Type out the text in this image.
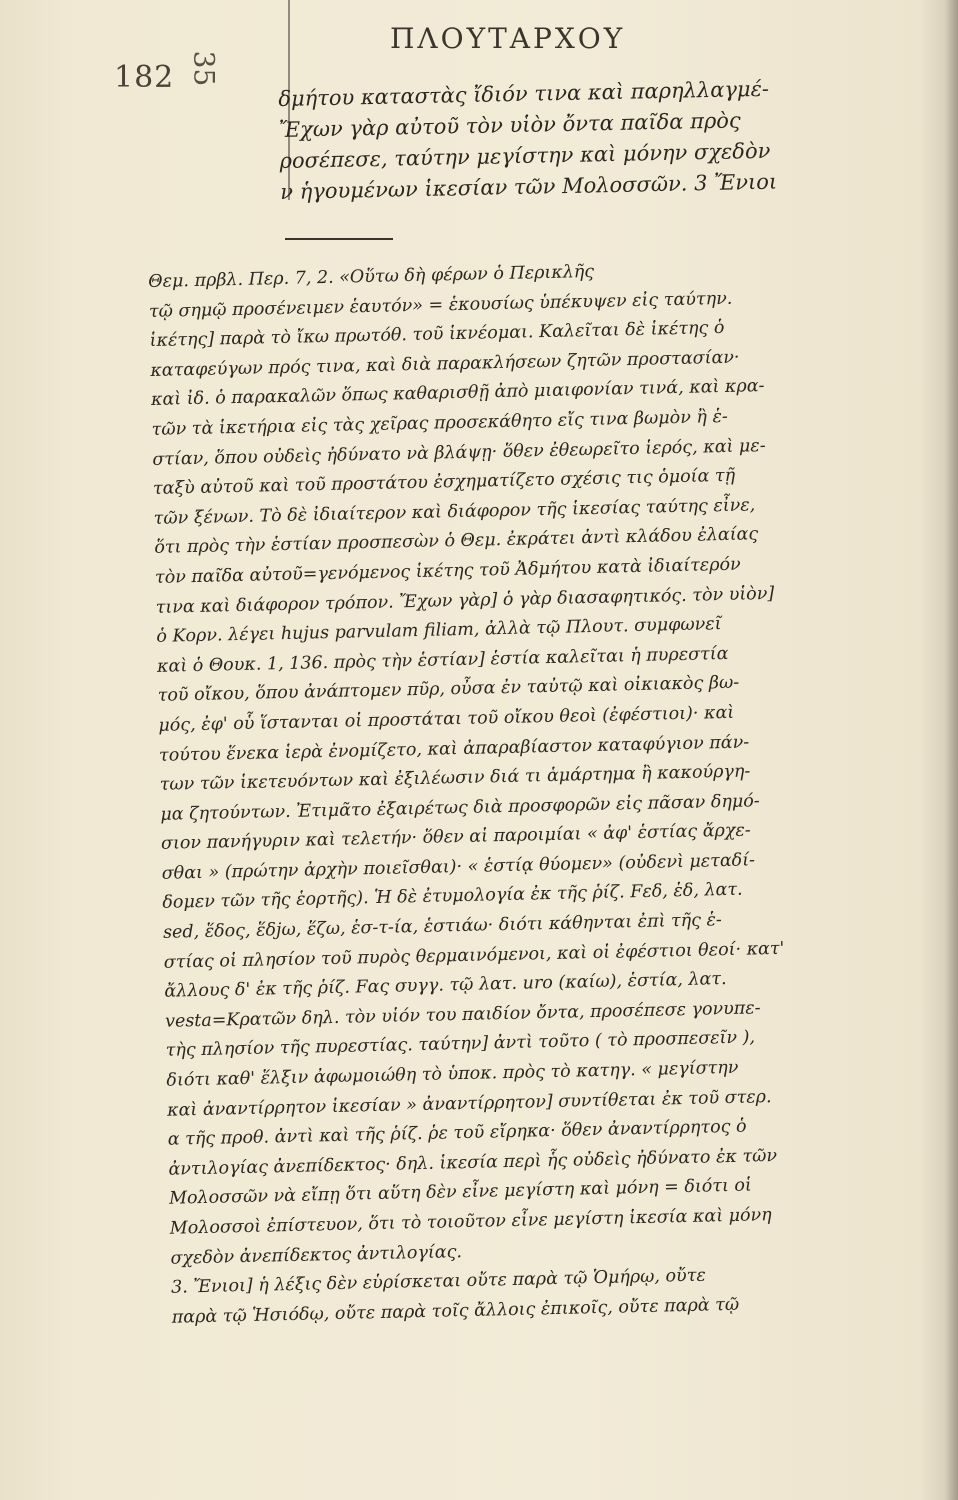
182 35
ΠΛΟΥΤΑΡΧΟΥ
δμήτου καταστὰς ἴδιόν τινα καὶ παρηλλαγμέ-
Ἔχων γὰρ αὐτοῦ τὸν υἱὸν ὄντα παῖδα πρὸς
ροσέπεσε, ταύτην μεγίστην καὶ μόνην σχεδὸν
ν ἡγουμένων ἱκεσίαν τῶν Μολοσσῶν. 3 Ἔνιοι
Θεμ. πρβλ. Περ. 7, 2. «Οὕτω δὴ φέρων ὁ Περικλῆς
τῷ σημῷ προσένειμεν ἑαυτόν» = ἑκουσίως ὑπέκυψεν εἰς ταύτην.
ἱκέτης] παρὰ τὸ ἴκω πρωτόθ. τοῦ ἱκνέομαι. Καλεῖται δὲ ἱκέτης ὁ
καταφεύγων πρός τινα, καὶ διὰ παρακλήσεων ζητῶν προστασίαν·
καὶ ἰδ. ὁ παρακαλῶν ὅπως καθαρισθῇ ἀπὸ μιαιφονίαν τινά, καὶ κρα-
τῶν τὰ ἱκετήρια εἰς τὰς χεῖρας προσεκάθητο εἴς τινα βωμὸν ἢ ἑ-
στίαν, ὅπου οὐδεὶς ἠδύνατο νὰ βλάψῃ· ὅθεν ἐθεωρεῖτο ἱερός, καὶ με-
ταξὺ αὐτοῦ καὶ τοῦ προστάτου ἐσχηματίζετο σχέσις τις ὁμοία τῇ
τῶν ξένων. Τὸ δὲ ἰδιαίτερον καὶ διάφορον τῆς ἱκεσίας ταύτης εἶνε,
ὅτι πρὸς τὴν ἑστίαν προσπεσὼν ὁ Θεμ. ἐκράτει ἀντὶ κλάδου ἐλαίας
τὸν παῖδα αὐτοῦ=γενόμενος ἱκέτης τοῦ Ἀδμήτου κατὰ ἰδιαίτερόν
τινα καὶ διάφορον τρόπον. Ἔχων γὰρ] ὁ γὰρ διασαφητικός. τὸν υἱὸν]
ὁ Κορν. λέγει hujus parvulam filiam, ἀλλὰ τῷ Πλουτ. συμφωνεῖ
καὶ ὁ Θουκ. 1, 136. πρὸς τὴν ἑστίαν] ἑστία καλεῖται ἡ πυρεστία
τοῦ οἴκου, ὅπου ἀνάπτομεν πῦρ, οὖσα ἐν ταὐτῷ καὶ οἰκιακὸς βω-
μός, ἐφ' οὗ ἵστανται οἱ προστάται τοῦ οἴκου θεοὶ (ἐφέστιοι)· καὶ
τούτου ἕνεκα ἱερὰ ἐνομίζετο, καὶ ἀπαραβίαστον καταφύγιον πάν-
των τῶν ἱκετευόντων καὶ ἐξιλέωσιν διά τι ἁμάρτημα ἢ κακούργη-
μα ζητούντων. Ἐτιμᾶτο ἐξαιρέτως διὰ προσφορῶν εἰς πᾶσαν δημό-
σιον πανήγυριν καὶ τελετήν· ὅθεν αἱ παροιμίαι « ἀφ' ἑστίας ἄρχε-
σθαι » (πρώτην ἀρχὴν ποιεῖσθαι)· « ἑστίᾳ θύομεν» (οὐδενὶ μεταδί-
δομεν τῶν τῆς ἑορτῆς). Ἡ δὲ ἐτυμολογία ἐκ τῆς ῥίζ. Fεδ, ἑδ, λατ.
sed, ἕδος, ἕδjω, ἕζω, ἑσ-τ-ία, ἑστιάω· διότι κάθηνται ἐπὶ τῆς ἑ-
στίας οἱ πλησίον τοῦ πυρὸς θερμαινόμενοι, καὶ οἱ ἐφέστιοι θεοί· κατ'
ἄλλους δ' ἐκ τῆς ῥίζ. Fας συγγ. τῷ λατ. uro (καίω), ἑστία, λατ.
vesta=Κρατῶν δηλ. τὸν υἱόν του παιδίον ὄντα, προσέπεσε γονυπε-
τὴς πλησίον τῆς πυρεστίας. ταύτην] ἀντὶ τοῦτο ( τὸ προσπεσεῖν ),
διότι καθ' ἕλξιν ἀφωμοιώθη τὸ ὑποκ. πρὸς τὸ κατηγ. « μεγίστην
καὶ ἀναντίρρητον ἱκεσίαν » ἀναντίρρητον] συντίθεται ἐκ τοῦ στερ.
α τῆς προθ. ἀντὶ καὶ τῆς ῥίζ. ῥε τοῦ εἴρηκα· ὅθεν ἀναντίρρητος ὁ
ἀντιλογίας ἀνεπίδεκτος· δηλ. ἱκεσία περὶ ἧς οὐδεὶς ἠδύνατο ἐκ τῶν
Μολοσσῶν νὰ εἴπῃ ὅτι αὕτη δὲν εἶνε μεγίστη καὶ μόνη = διότι οἱ
Μολοσσοὶ ἐπίστευον, ὅτι τὸ τοιοῦτον εἶνε μεγίστη ἱκεσία καὶ μόνη
σχεδὸν ἀνεπίδεκτος ἀντιλογίας.
3. Ἔνιοι] ἡ λέξις δὲν εὑρίσκεται οὔτε παρὰ τῷ Ὁμήρῳ, οὔτε
παρὰ τῷ Ἡσιόδῳ, οὔτε παρὰ τοῖς ἄλλοις ἐπικοῖς, οὔτε παρὰ τῷ
